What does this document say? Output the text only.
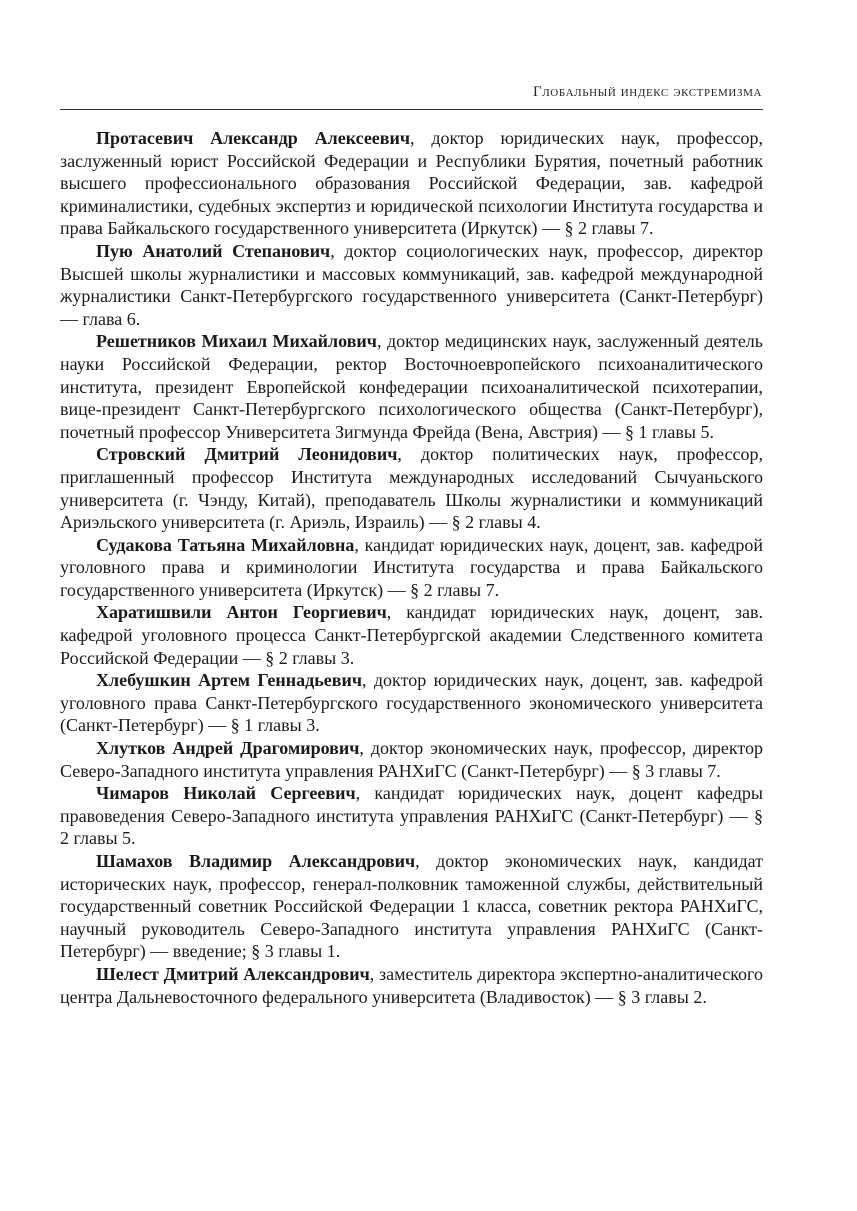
Глобальный индекс экстремизма

Протасевич Александр Алексеевич, доктор юридических наук, профессор, заслуженный юрист Российской Федерации и Республики Бурятия, почетный работник высшего профессионального образования Российской Федерации, зав. кафедрой криминалистики, судебных экспертиз и юридической психологии Института государства и права Байкальского государственного университета (Иркутск) — § 2 главы 7.

Пую Анатолий Степанович, доктор социологических наук, профессор, директор Высшей школы журналистики и массовых коммуникаций, зав. кафедрой международной журналистики Санкт-Петербургского государственного университета (Санкт-Петербург) — глава 6.

Решетников Михаил Михайлович, доктор медицинских наук, заслуженный деятель науки Российской Федерации, ректор Восточноевропейского психоаналитического института, президент Европейской конфедерации психоаналитической психотерапии, вице-президент Санкт-Петербургского психологического общества (Санкт-Петербург), почетный профессор Университета Зигмунда Фрейда (Вена, Австрия) — § 1 главы 5.

Стровский Дмитрий Леонидович, доктор политических наук, профессор, приглашенный профессор Института международных исследований Сычуаньского университета (г. Чэнду, Китай), преподаватель Школы журналистики и коммуникаций Ариэльского университета (г. Ариэль, Израиль) — § 2 главы 4.

Судакова Татьяна Михайловна, кандидат юридических наук, доцент, зав. кафедрой уголовного права и криминологии Института государства и права Байкальского государственного университета (Иркутск) — § 2 главы 7.

Харатишвили Антон Георгиевич, кандидат юридических наук, доцент, зав. кафедрой уголовного процесса Санкт-Петербургской академии Следственного комитета Российской Федерации — § 2 главы 3.

Хлебушкин Артем Геннадьевич, доктор юридических наук, доцент, зав. кафедрой уголовного права Санкт-Петербургского государственного экономического университета (Санкт-Петербург) — § 1 главы 3.

Хлутков Андрей Драгомирович, доктор экономических наук, профессор, директор Северо-Западного института управления РАНХиГС (Санкт-Петербург) — § 3 главы 7.

Чимаров Николай Сергеевич, кандидат юридических наук, доцент кафедры правоведения Северо-Западного института управления РАНХиГС (Санкт-Петербург) — § 2 главы 5.

Шамахов Владимир Александрович, доктор экономических наук, кандидат исторических наук, профессор, генерал-полковник таможенной службы, действительный государственный советник Российской Федерации 1 класса, советник ректора РАНХиГС, научный руководитель Северо-Западного института управления РАНХиГС (Санкт-Петербург) — введение; § 3 главы 1.

Шелест Дмитрий Александрович, заместитель директора экспертно-аналитического центра Дальневосточного федерального университета (Владивосток) — § 3 главы 2.
